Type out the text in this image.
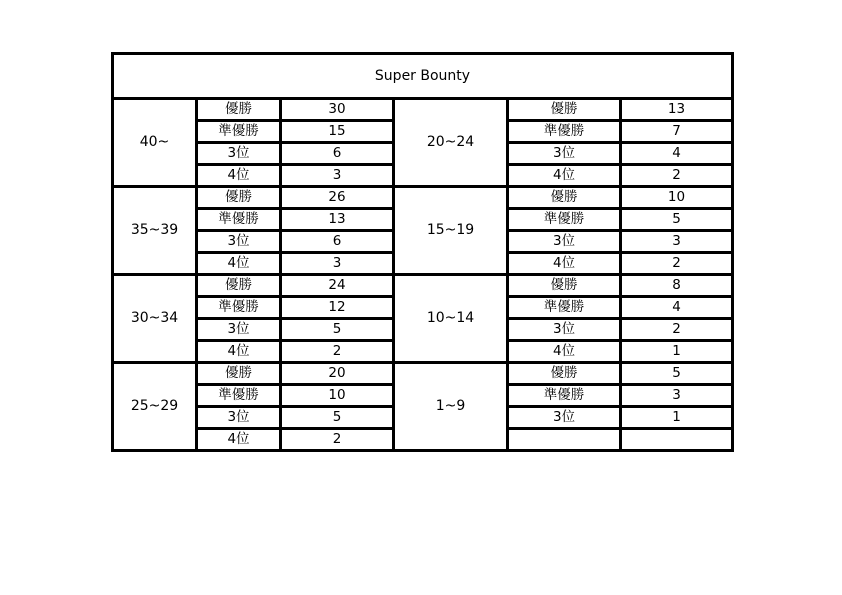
Super Bounty					
40~	優勝	30	20~24	優勝	13
	準優勝	15		準優勝	7
	3位	6		3位	4
	4位	3		4位	2
35~39	優勝	26	15~19	優勝	10
	準優勝	13		準優勝	5
	3位	6		3位	3
	4位	3		4位	2
30~34	優勝	24	10~14	優勝	8
	準優勝	12		準優勝	4
	3位	5		3位	2
	4位	2		4位	1
25~29	優勝	20	1~9	優勝	5
	準優勝	10		準優勝	3
	3位	5		3位	1
	4位	2			
